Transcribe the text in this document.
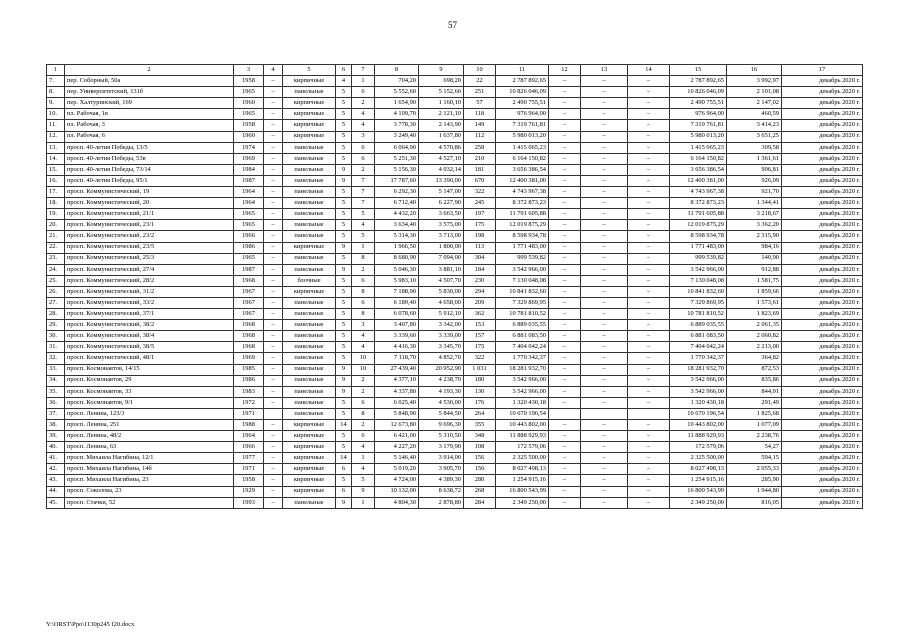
57
1	2	3	4	5	6	7	8	9	10	11	12	13	14	15	16	17
7.	пер. Соборный, 50а	1958	–	кирпичные	4	1	704,20	698,20	22	2 787 892,65	–	–	–	2 787 892,65	3 992,97	декабрь 2020 г.
8.	пер. Университетский, 131б	1965	–	панельные	5	6	5 552,60	5 152,60	251	10 826 046,09	–	–	–	10 826 046,09	2 101,08	декабрь 2020 г.
9.	пер. Халтуринский, 169	1960	–	кирпичные	5	2	1 654,90	1 160,10	57	2 490 755,51	–	–	–	2 490 755,51	2 147,02	декабрь 2020 г.
10.	пл. Рабочая, 1в	1965	–	кирпичные	5	4	4 109,70	2 121,10	118	976 964,00	–	–	–	976 964,00	460,59	декабрь 2020 г.
11.	пл. Рабочая, 3	1958	–	кирпичные	5	4	3 778,30	2 143,90	149	7 319 761,81	–	–	–	7 319 761,81	3 414,23	декабрь 2020 г.
12.	пл. Рабочая, 6	1960	–	кирпичные	5	3	3 249,40	1 637,80	112	5 980 013,20	–	–	–	5 980 013,20	3 651,25	декабрь 2020 г.
13.	просп. 40-летия Победы, 13/5	1974	–	панельные	5	6	6 064,90	4 570,86	258	1 415 065,23	–	–	–	1 415 065,23	309,58	декабрь 2020 г.
14.	просп. 40-летия Победы, 53в	1969	–	панельные	5	6	5 251,30	4 527,10	210	6 164 150,82	–	–	–	6 164 150,82	1 361,61	декабрь 2020 г.
15.	просп. 40-летия Победы, 73/14	1984	–	панельные	9	2	5 156,30	4 032,14	181	3 656 386,54	–	–	–	3 656 386,54	906,81	декабрь 2020 г.
16.	просп. 40-летия Победы, 95/1	1987	–	панельные	9	7	17 787,60	13 390,00	670	12 400 381,00	–	–	–	12 400 381,00	926,09	декабрь 2020 г.
17.	просп. Коммунистический, 19	1964	–	панельные	5	7	6 292,30	5 147,00	322	4 743 967,38	–	–	–	4 743 967,38	921,70	декабрь 2020 г.
18.	просп. Коммунистический, 20	1964	–	панельные	5	7	6 712,40	6 227,90	245	8 372 873,23	–	–	–	8 372 873,23	1 344,41	декабрь 2020 г.
19.	просп. Коммунистический, 21/1	1965	–	панельные	5	5	4 432,20	3 663,50	197	11 791 605,88	–	–	–	11 791 605,88	3 218,67	декабрь 2020 г.
20.	просп. Коммунистический, 23/1	1965	–	панельные	5	4	3 634,40	3 575,00	175	12 019 875,29	–	–	–	12 019 875,29	3 362,20	декабрь 2020 г.
21.	просп. Коммунистический, 23/2	1966	–	панельные	5	5	5 314,30	3 713,00	198	8 598 934,78	–	–	–	8 598 934,78	2 315,90	декабрь 2020 г.
22.	просп. Коммунистический, 23/5	1986	–	кирпичные	9	1	1 966,50	1 800,00	113	1 771 483,00	–	–	–	1 771 483,00	984,16	декабрь 2020 г.
23.	просп. Коммунистический, 25/3	1965	–	панельные	5	8	8 680,90	7 094,00	304	999 539,82	–	–	–	999 539,82	140,90	декабрь 2020 г.
24.	просп. Коммунистический, 27/4	1987	–	панельные	9	2	5 046,30	3 881,10	184	3 542 966,00	–	–	–	3 542 966,00	912,88	декабрь 2020 г.
25.	просп. Коммунистический, 28/2	1968	–	блочные	5	6	5 983,10	4 507,70	230	7 130 048,08	–	–	–	7 130 048,08	1 581,75	декабрь 2020 г.
26.	просп. Коммунистический, 31/2	1967	–	кирпичные	5	8	7 188,90	5 830,00	294	10 841 832,60	–	–	–	10 841 832,60	1 859,66	декабрь 2020 г.
27.	просп. Коммунистический, 33/2	1967	–	панельные	5	6	6 189,40	4 658,00	209	7 329 869,95	–	–	–	7 329 869,95	1 573,61	декабрь 2020 г.
28.	просп. Коммунистический, 37/1	1967	–	панельные	5	8	6 078,60	5 912,10	362	10 781 810,52	–	–	–	10 781 810,52	1 823,69	декабрь 2020 г.
29.	просп. Коммунистический, 38/2	1968	–	панельные	5	3	3 407,80	3 342,00	153	6 889 035,55	–	–	–	6 889 035,55	2 061,35	декабрь 2020 г.
30.	просп. Коммунистический, 38/4	1968	–	панельные	5	4	3 339,60	3 339,00	157	6 881 083,50	–	–	–	6 881 083,50	2 060,82	декабрь 2020 г.
31.	просп. Коммунистический, 38/5	1968	–	панельные	5	4	4 416,30	3 345,70	175	7 404 042,24	–	–	–	7 404 042,24	2 213,00	декабрь 2020 г.
32.	просп. Коммунистический, 48/1	1969	–	панельные	5	10	7 118,70	4 852,70	322	1 770 342,37	–	–	–	1 770 342,37	364,82	декабрь 2020 г.
33.	просп. Космонавтов, 14/15	1985	–	панельные	9	10	27 439,40	20 952,90	1 031	18 281 932,70	–	–	–	18 281 932,70	872,53	декабрь 2020 г.
34.	просп. Космонавтов, 29	1986	–	панельные	9	2	4 377,10	4 238,70	180	3 542 966,00	–	–	–	3 542 966,00	835,86	декабрь 2020 г.
35.	просп. Космонавтов, 33	1983	–	панельные	9	2	4 337,80	4 193,30	130	3 542 966,00	–	–	–	3 542 966,00	844,91	декабрь 2020 г.
36.	просп. Космонавтов, 9/1	1972	–	панельные	5	6	6 025,40	4 530,00	176	1 320 430,18	–	–	–	1 320 430,18	291,49	декабрь 2020 г.
37.	просп. Ленина, 123/3	1971		панельные	5	8	5 848,90	5 844,50	264	10 670 196,54				10 670 196,54	1 825,68	декабрь 2020 г.
38.	просп. Ленина, 251	1988	–	кирпичные	14	2	12 673,80	9 696,30	355	10 443 802,00	–	–	–	10 443 802,00	1 077,09	декабрь 2020 г.
39.	просп. Ленина, 48/2	1964	–	кирпичные	5	6	6 421,00	5 310,50	348	11 888 929,93	–	–	–	11 888 929,93	2 238,76	декабрь 2020 г.
40.	просп. Ленина, 63	1966	–	кирпичные	5	4	4 227,20	3 179,90	108	172 579,06	–	–	–	172 579,06	54,27	декабрь 2020 г.
41.	просп. Михаила Нагибина, 12/1	1977	–	кирпичные	14	1	5 146,40	3 914,00	156	2 325 500,00	–	–	–	2 325 500,00	594,15	декабрь 2020 г.
42.	просп. Михаила Нагибина, 14б	1971	–	кирпичные	6	4	5 019,20	3 905,70	156	8 027 498,13	–	–	–	8 027 498,13	2 055,33	декабрь 2020 г.
43.	просп. Михаила Нагибина, 23	1958	–	кирпичные	5	5	4 724,00	4 389,30	280	1 254 915,16	–	–	–	1 254 915,16	285,90	декабрь 2020 г.
44.	просп. Соколова, 23	1929	–	кирпичные	6	9	10 132,00	8 638,72	268	16 800 543,99	–	–	–	16 800 543,99	1 944,80	декабрь 2020 г.
45.	просп. Стачки, 52	1993	–	панельные	9	1	4 804,30	2 878,80	284	2 349 250,00	–	–	–	2 349 250,00	816,05	декабрь 2020 г.
Y:\ORST\Ppo\1130p245 f20.docx
